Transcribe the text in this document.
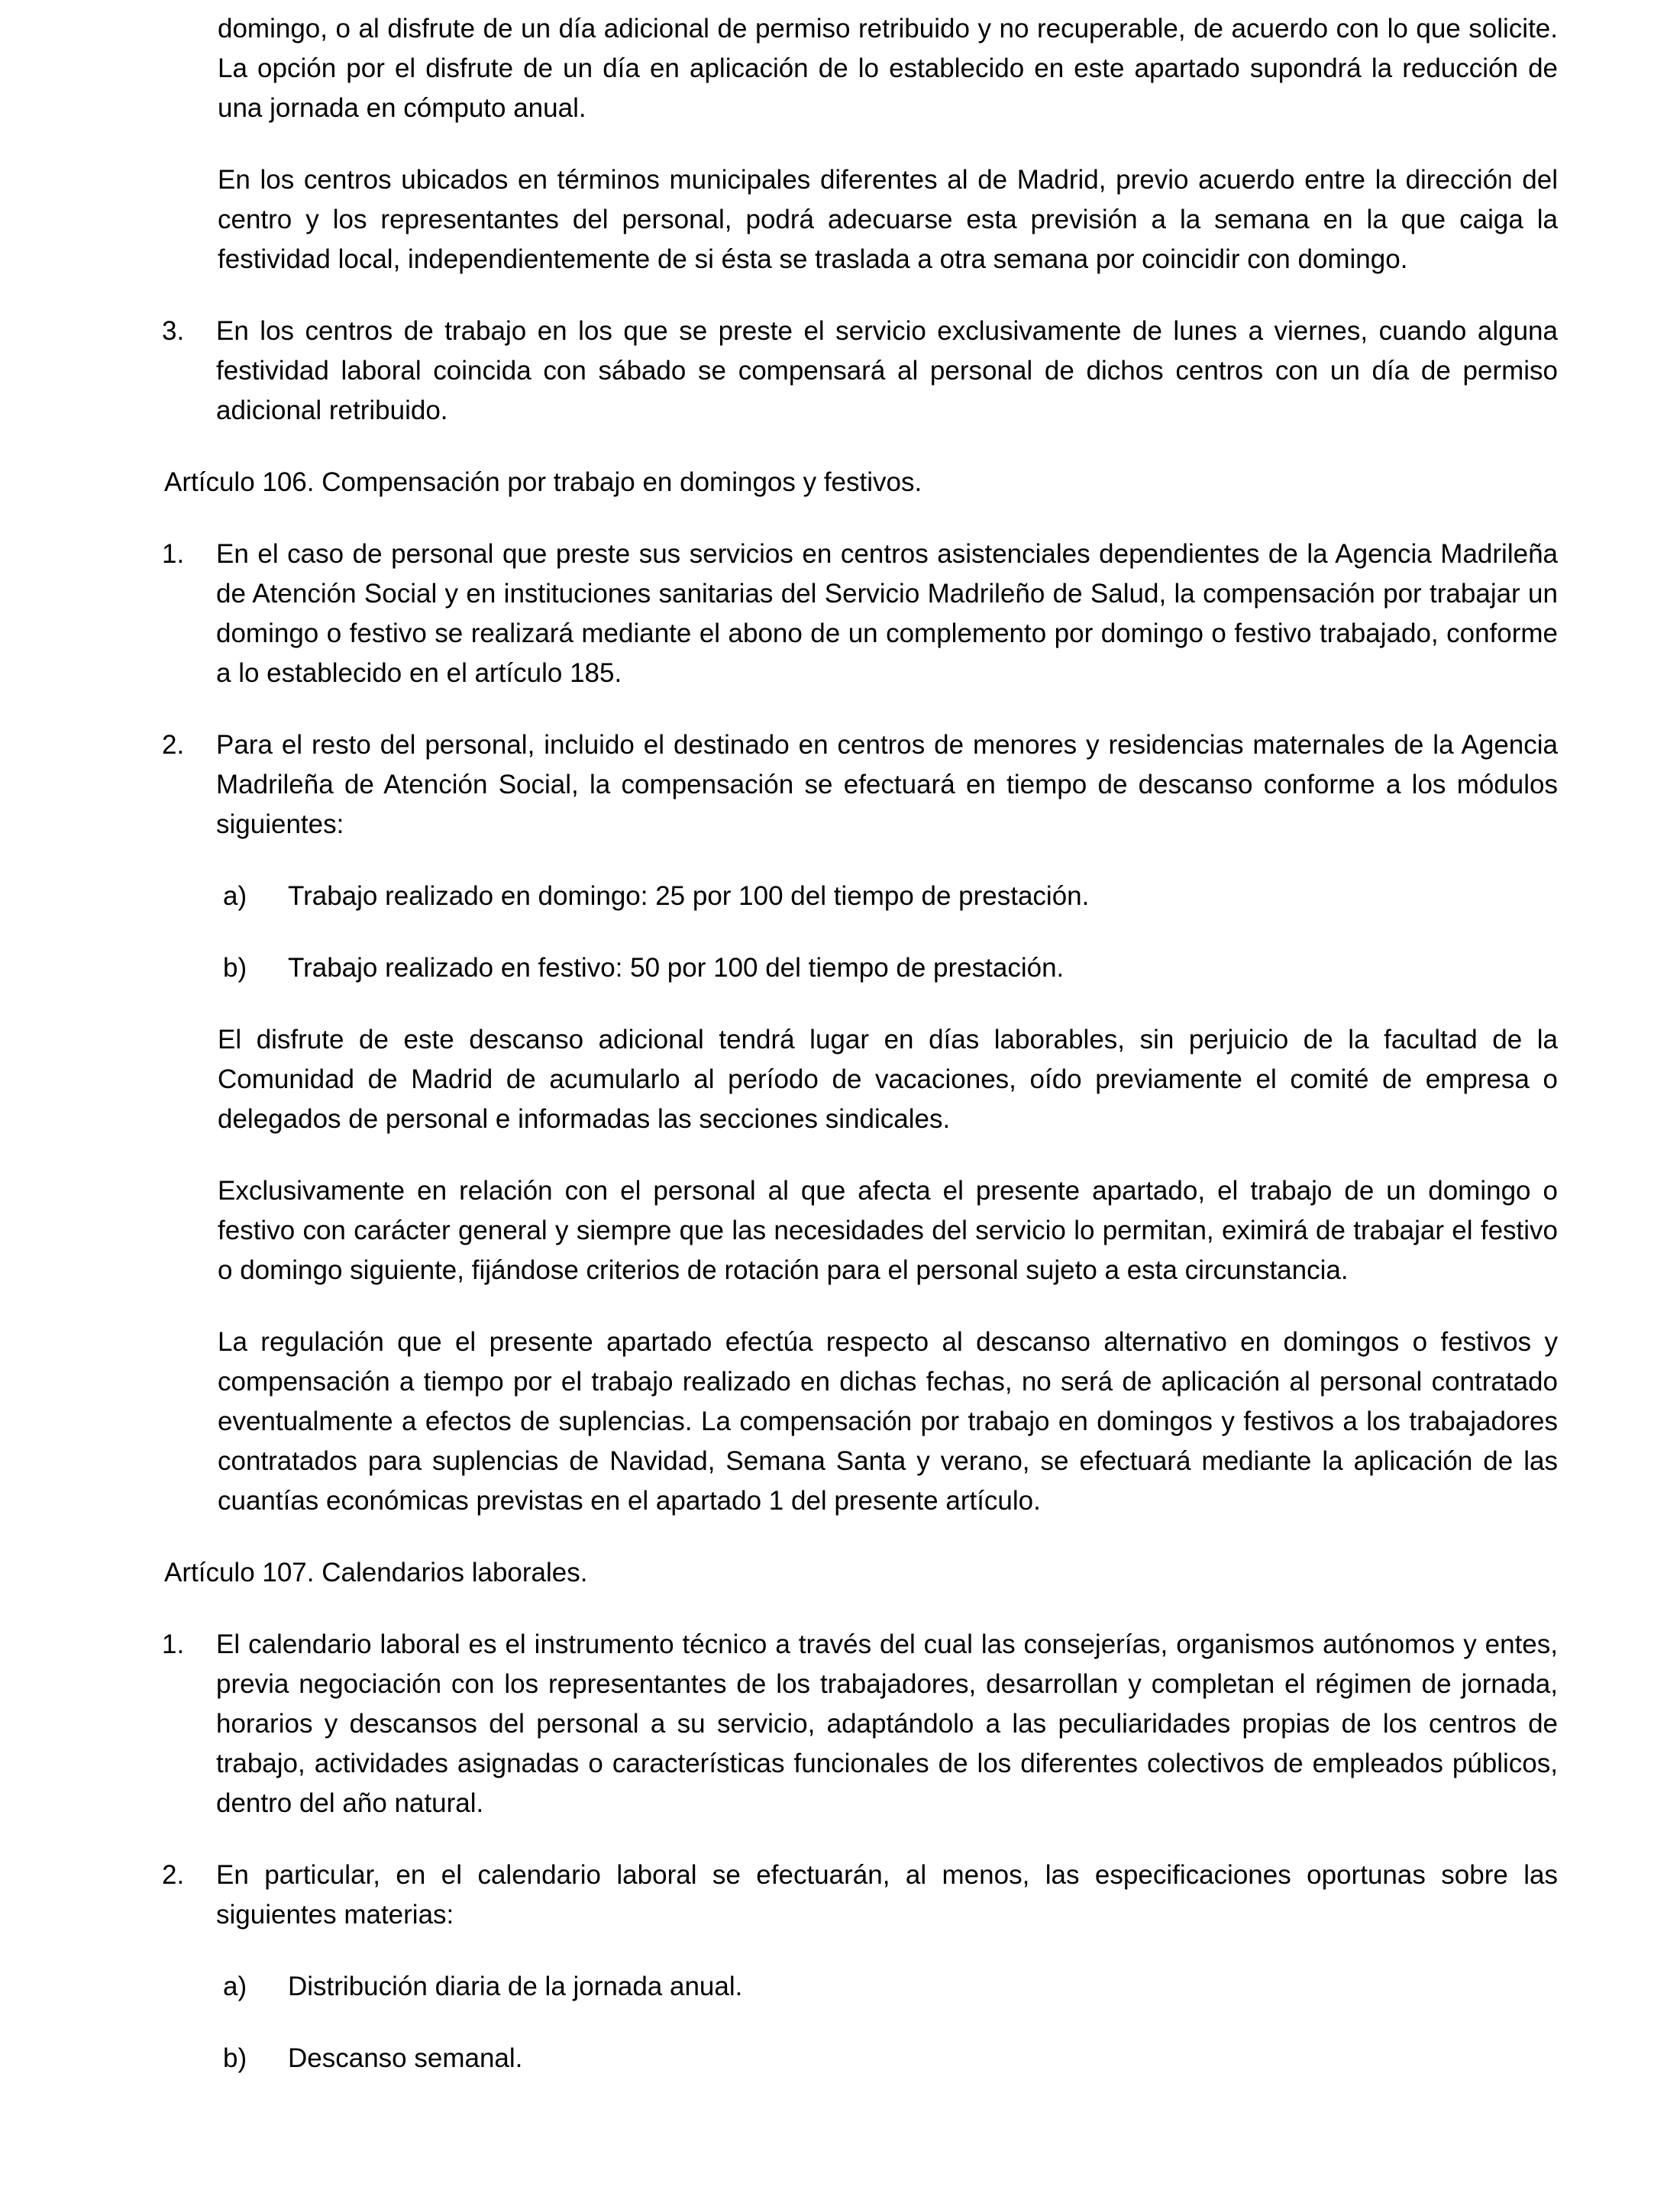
domingo, o al disfrute de un día adicional de permiso retribuido y no recuperable, de acuerdo con lo que solicite. La opción por el disfrute de un día en aplicación de lo establecido en este apartado supondrá la reducción de una jornada en cómputo anual.

En los centros ubicados en términos municipales diferentes al de Madrid, previo acuerdo entre la dirección del centro y los representantes del personal, podrá adecuarse esta previsión a la semana en la que caiga la festividad local, independientemente de si ésta se traslada a otra semana por coincidir con domingo.

3.	En los centros de trabajo en los que se preste el servicio exclusivamente de lunes a viernes, cuando alguna festividad laboral coincida con sábado se compensará al personal de dichos centros con un día de permiso adicional retribuido.

Artículo 106. Compensación por trabajo en domingos y festivos.

1.	En el caso de personal que preste sus servicios en centros asistenciales dependientes de la Agencia Madrileña de Atención Social y en instituciones sanitarias del Servicio Madrileño de Salud, la compensación por trabajar un domingo o festivo se realizará mediante el abono de un complemento por domingo o festivo trabajado, conforme a lo establecido en el artículo 185.
2.	Para el resto del personal, incluido el destinado en centros de menores y residencias maternales de la Agencia Madrileña de Atención Social, la compensación se efectuará en tiempo de descanso conforme a los módulos siguientes:
a)	Trabajo realizado en domingo: 25 por 100 del tiempo de prestación.
b)	Trabajo realizado en festivo: 50 por 100 del tiempo de prestación.

El disfrute de este descanso adicional tendrá lugar en días laborables, sin perjuicio de la facultad de la Comunidad de Madrid de acumularlo al período de vacaciones, oído previamente el comité de empresa o delegados de personal e informadas las secciones sindicales.

Exclusivamente en relación con el personal al que afecta el presente apartado, el trabajo de un domingo o festivo con carácter general y siempre que las necesidades del servicio lo permitan, eximirá de trabajar el festivo o domingo siguiente, fijándose criterios de rotación para el personal sujeto a esta circunstancia.

La regulación que el presente apartado efectúa respecto al descanso alternativo en domingos o festivos y compensación a tiempo por el trabajo realizado en dichas fechas, no será de aplicación al personal contratado eventualmente a efectos de suplencias. La compensación por trabajo en domingos y festivos a los trabajadores contratados para suplencias de Navidad, Semana Santa y verano, se efectuará mediante la aplicación de las cuantías económicas previstas en el apartado 1 del presente artículo.

Artículo 107. Calendarios laborales.

1.	El calendario laboral es el instrumento técnico a través del cual las consejerías, organismos autónomos y entes, previa negociación con los representantes de los trabajadores, desarrollan y completan el régimen de jornada, horarios y descansos del personal a su servicio, adaptándolo a las peculiaridades propias de los centros de trabajo, actividades asignadas o características funcionales de los diferentes colectivos de empleados públicos, dentro del año natural.
2.	En particular, en el calendario laboral se efectuarán, al menos, las especificaciones oportunas sobre las siguientes materias:
a)	Distribución diaria de la jornada anual.
b)	Descanso semanal.
